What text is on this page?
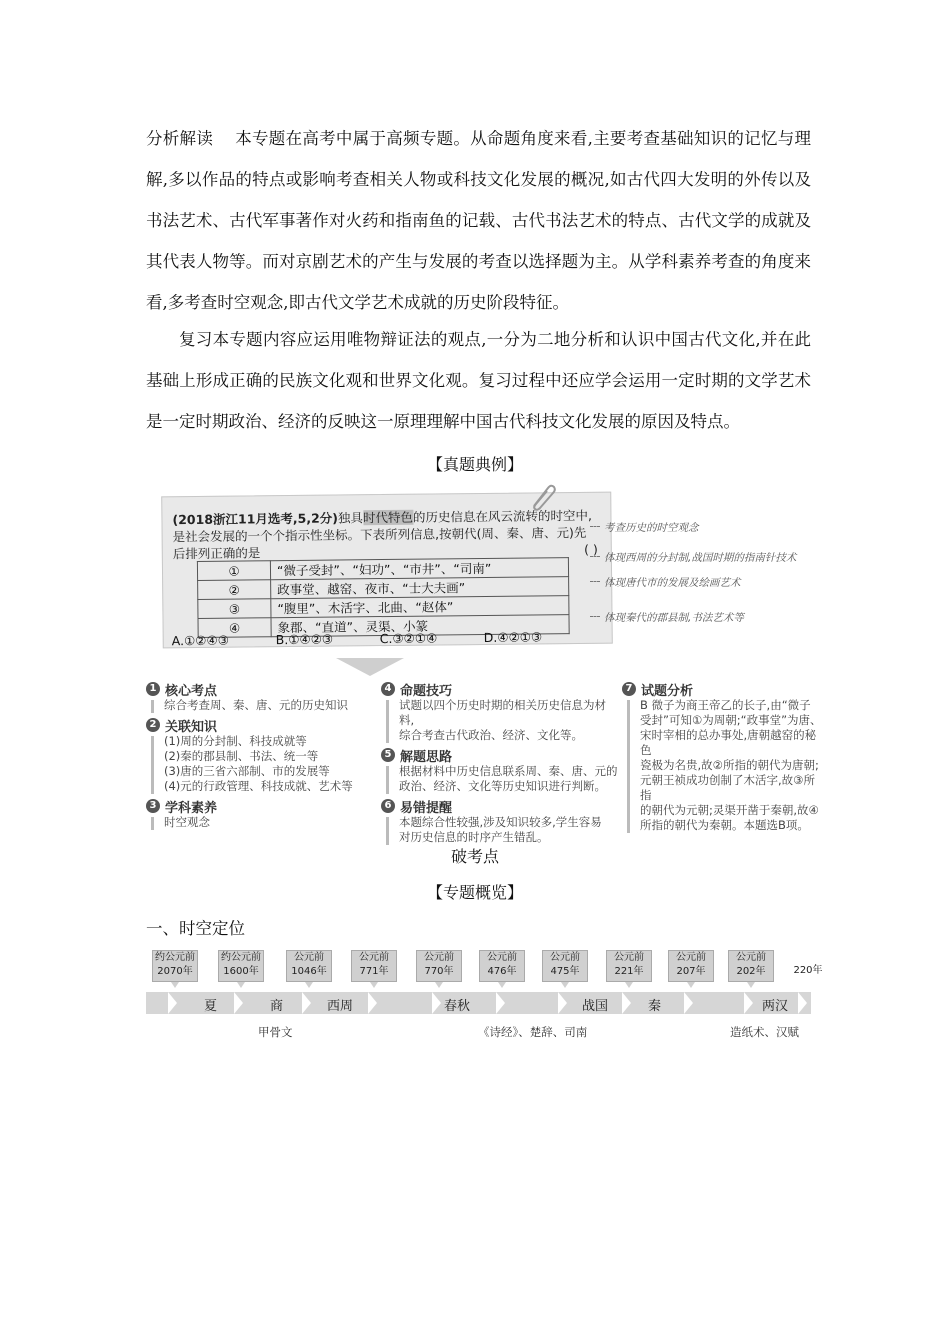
分析解读 本专题在高考中属于高频专题。从命题角度来看,主要考查基础知识的记忆与理解,多以作品的特点或影响考查相关人物或科技文化发展的概况,如古代四大发明的外传以及书法艺术、古代军事著作对火药和指南鱼的记载、古代书法艺术的特点、古代文学的成就及其代表人物等。而对京剧艺术的产生与发展的考查以选择题为主。从学科素养考查的角度来看,多考查时空观念,即古代文学艺术成就的历史阶段特征。

复习本专题内容应运用唯物辩证法的观点,一分为二地分析和认识中国古代文化,并在此基础上形成正确的民族文化观和世界文化观。复习过程中还应学会运用一定时期的文学艺术是一定时期政治、经济的反映这一原理理解中国古代科技文化发展的原因及特点。

【真题典例】
(2018浙江11月选考,5,2分)独具时代特色的历史信息在风云流转的时空中,是社会发展的一个个指示性坐标。下表所列信息,按朝代(周、秦、唐、元)先后排列正确的是	( )
①	“微子受封”、“妇功”、“市井”、“司南”
②	政事堂、越窑、夜市、“士大夫画”
③	“腹里”、木活字、北曲、“赵体”
④	象郡、“直道”、灵渠、小篆
A.①②④③	B.①④②③	C.③②①④	D.④②①③
考查历史的时空观念
体现西周的分封制,战国时期的指南针技术
体现唐代市的发展及绘画艺术
体现秦代的郡县制,书法艺术等
1 核心考点
综合考查周、秦、唐、元的历史知识
2 关联知识
(1)周的分封制、科技成就等
(2)秦的郡县制、书法、统一等
(3)唐的三省六部制、市的发展等
(4)元的行政管理、科技成就、艺术等
3 学科素养
时空观念
4 命题技巧
试题以四个历史时期的相关历史信息为材料,
综合考查古代政治、经济、文化等。
5 解题思路
根据材料中历史信息联系周、秦、唐、元的
政治、经济、文化等历史知识进行判断。
6 易错提醒
本题综合性较强,涉及知识较多,学生容易
对历史信息的时序产生错乱。
7 试题分析
B 微子为商王帝乙的长子,由“微子
受封”可知①为周朝;“政事堂”为唐、
宋时宰相的总办事处,唐朝越窑的秘色
瓷极为名贵,故②所指的朝代为唐朝;
元朝王祯成功创制了木活字,故③所指
的朝代为元朝;灵渠开凿于秦朝,故④
所指的朝代为秦朝。本题选B项。
破考点
【专题概览】
一、时空定位
约公元前
2070年
约公元前
1600年
公元前
1046年
公元前
771年
公元前
770年
公元前
476年
公元前
475年
公元前
221年
公元前
207年
公元前
202年	220年
夏	商	西周	春秋	战国	秦	两汉
甲骨文	《诗经》、楚辞、司南	造纸术、汉赋
